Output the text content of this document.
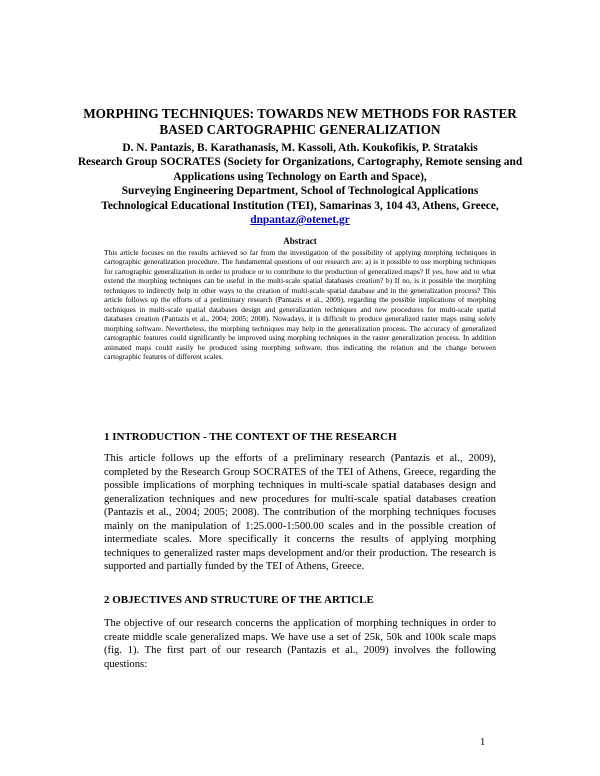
MORPHING TECHNIQUES: TOWARDS NEW METHODS FOR RASTER BASED CARTOGRAPHIC GENERALIZATION
D. N. Pantazis, B. Karathanasis, M. Kassoli, Ath. Koukofikis, P. Stratakis
Research Group SOCRATES (Society for Organizations, Cartography, Remote sensing and Applications using Technology on Earth and Space),
Surveying Engineering Department, School of Technological Applications
Technological Educational Institution (TEI), Samarinas 3, 104 43, Athens, Greece,
dnpantaz@otenet.gr
Abstract
This article focuses on the results achieved so far from the investigation of the possibility of applying morphing techniques in cartographic generalization procedure. The fundamental questions of our research are: a) is it possible to use morphing techniques for cartographic generalization in order to produce or to contribute to the production of generalized maps? If yes, how and to what extend the morphing techniques can be useful in the multi-scale spatial databases creation? b) If no, is it possible the morphing techniques to indirectly help in other ways to the creation of multi-scale spatial database and in the generalization process? This article follows up the efforts of a preliminary research (Pantazis et al., 2009), regarding the possible implications of morphing techniques in multi-scale spatial databases design and generalization techniques and new procedures for multi-scale spatial databases creation (Pantazis et al., 2004; 2005; 2008). Nowadays, it is difficult to produce generalized raster maps using solely morphing software. Nevertheless, the morphing techniques may help in the generalization process. The accuracy of generalized cartographic features could significantly be improved using morphing techniques in the raster generalization process. In addition animated maps could easily be produced using morphing software, thus indicating the relation and the change between cartographic features of different scales.
1 INTRODUCTION - THE CONTEXT OF THE RESEARCH
This article follows up the efforts of a preliminary research (Pantazis et al., 2009), completed by the Research Group SOCRATES of the TEI of Athens, Greece, regarding the possible implications of morphing techniques in multi-scale spatial databases design and generalization techniques and new procedures for multi-scale spatial databases creation (Pantazis et al., 2004; 2005; 2008). The contribution of the morphing techniques focuses mainly on the manipulation of 1:25.000-1:500.00 scales and in the possible creation of intermediate scales. More specifically it concerns the results of applying morphing techniques to generalized raster maps development and/or their production. The research is supported and partially funded by the TEI of Athens, Greece.
2 OBJECTIVES AND STRUCTURE OF THE ARTICLE
The objective of our research concerns the application of morphing techniques in order to create middle scale generalized maps. We have use a set of 25k, 50k and 100k scale maps (fig. 1). The first part of our research (Pantazis et al., 2009) involves the following questions:
1
